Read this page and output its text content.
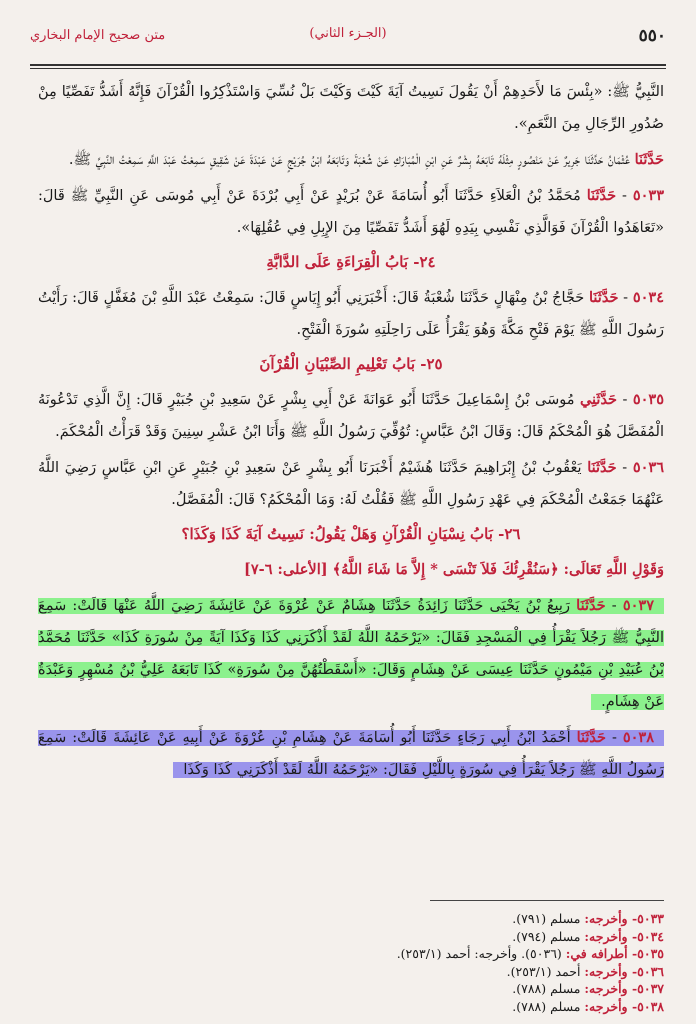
٥٥٠
(الجـزء الثاني)
متن صحيح الإمام البخاري
النَّبِيُّ ﷺ: «بِئْسَ مَا لأَحَدِهِمْ أَنْ يَقُولَ نَسِيتُ آيَةَ كَيْتَ وَكَيْتَ بَلْ نُسِّيَ وَاسْتَذْكِرُوا الْقُرْآنَ فَإِنَّهُ أَشَدُّ تَفَصِّيًا مِنْ صُدُورِ الرِّجَالِ مِنَ النَّعَمِ».
حَدَّثَنَا عُثْمَانُ حَدَّثَنَا جَرِيرٌ عَنْ مَنْصُورٍ مِثْلَهُ تَابَعَهُ بِشْرٌ عَنِ ابْنِ الْمُبَارَكِ عَنْ شُعْبَةَ وَتَابَعَهُ ابْنُ جُرَيْجٍ عَنْ عَبْدَةَ عَنْ شَقِيقٍ سَمِعْتُ عَبْدَ اللَّهِ سَمِعْتُ النَّبِيَّ ﷺ.
٥٠٣٣ - حَدَّثَنَا مُحَمَّدُ بْنُ الْعَلاَءِ حَدَّثَنَا أَبُو أُسَامَةَ عَنْ بُرَيْدٍ عَنْ أَبِي بُرْدَةَ عَنْ أَبِي مُوسَى عَنِ النَّبِيِّ ﷺ قَالَ: «تَعَاهَدُوا الْقُرْآنَ فَوَالَّذِي نَفْسِي بِيَدِهِ لَهُوَ أَشَدُّ تَفَصِّيًا مِنَ الإِبِلِ فِي عُقُلِهَا».
٢٤- بَابُ الْقِرَاءَةِ عَلَى الدَّابَّةِ
٥٠٣٤ - حَدَّثَنَا حَجَّاجُ بْنُ مِنْهَالٍ حَدَّثَنَا شُعْبَةُ قَالَ: أَخْبَرَنِي أَبُو إِيَاسٍ قَالَ: سَمِعْتُ عَبْدَ اللَّهِ بْنَ مُغَفَّلٍ قَالَ: رَأَيْتُ رَسُولَ اللَّهِ ﷺ يَوْمَ فَتْحِ مَكَّةَ وَهُوَ يَقْرَأُ عَلَى رَاحِلَتِهِ سُورَةَ الْفَتْحِ.
٢٥- بَابُ تَعْلِيمِ الصِّبْيَانِ الْقُرْآنَ
٥٠٣٥ - حَدَّثَنِي مُوسَى بْنُ إِسْمَاعِيلَ حَدَّثَنَا أَبُو عَوَانَةَ عَنْ أَبِي بِشْرٍ عَنْ سَعِيدِ بْنِ جُبَيْرٍ قَالَ: إِنَّ الَّذِي تَدْعُونَهُ الْمُفَصَّلَ هُوَ الْمُحْكَمُ قَالَ: وَقَالَ ابْنُ عَبَّاسٍ: تُوُفِّيَ رَسُولُ اللَّهِ ﷺ وَأَنَا ابْنُ عَشْرِ سِنِينَ وَقَدْ قَرَأْتُ الْمُحْكَمَ.
٥٠٣٦ - حَدَّثَنَا يَعْقُوبُ بْنُ إِبْرَاهِيمَ حَدَّثَنَا هُشَيْمٌ أَخْبَرَنَا أَبُو بِشْرٍ عَنْ سَعِيدِ بْنِ جُبَيْرٍ عَنِ ابْنِ عَبَّاسٍ رَضِيَ اللَّهُ عَنْهُمَا جَمَعْتُ الْمُحْكَمَ فِي عَهْدِ رَسُولِ اللَّهِ ﷺ فَقُلْتُ لَهُ: وَمَا الْمُحْكَمُ؟ قَالَ: الْمُفَصَّلُ.
٢٦- بَابُ نِسْيَانِ الْقُرْآنِ وَهَلْ يَقُولُ: نَسِيتُ آيَةَ كَذَا وَكَذَا؟
وَقَوْلِ اللَّهِ تَعَالَى: ﴿سَنُقْرِئُكَ فَلاَ تَنْسَى * إِلاَّ مَا شَاءَ اللَّهُ﴾ [الأعلى: ٦-٧]
٥٠٣٧ - حَدَّثَنَا رَبِيعُ بْنُ يَحْيَى حَدَّثَنَا زَائِدَةُ حَدَّثَنَا هِشَامٌ عَنْ عُرْوَةَ عَنْ عَائِشَةَ رَضِيَ اللَّهُ عَنْهَا قَالَتْ: سَمِعَ النَّبِيُّ ﷺ رَجُلاً يَقْرَأُ فِي الْمَسْجِدِ فَقَالَ: «يَرْحَمُهُ اللَّهُ لَقَدْ أَذْكَرَنِي كَذَا وَكَذَا آيَةً مِنْ سُورَةِ كَذَا» حَدَّثَنَا مُحَمَّدُ بْنُ عُبَيْدِ بْنِ مَيْمُونٍ حَدَّثَنَا عِيسَى عَنْ هِشَامٍ وَقَالَ: «أَسْقَطْتُهُنَّ مِنْ سُورَةِ» كَذَا تَابَعَهُ عَلِيُّ بْنُ مُسْهِرٍ وَعَبْدَةُ عَنْ هِشَامٍ.
٥٠٣٨ - حَدَّثَنَا أَحْمَدُ ابْنُ أَبِي رَجَاءٍ حَدَّثَنَا أَبُو أُسَامَةَ عَنْ هِشَامِ بْنِ عُرْوَةَ عَنْ أَبِيهِ عَنْ عَائِشَةَ قَالَتْ: سَمِعَ رَسُولُ اللَّهِ ﷺ رَجُلاً يَقْرَأُ فِي سُورَةٍ بِاللَّيْلِ فَقَالَ: «يَرْحَمُهُ اللَّهُ لَقَدْ أَذْكَرَنِي كَذَا وَكَذَا
٥٠٣٣- وأخرجه: مسلم (٧٩١).
٥٠٣٤- وأخرجه: مسلم (٧٩٤).
٥٠٣٥- أطرافه في: (٥٠٣٦). وأخرجه: أحمد (٢٥٣/١).
٥٠٣٦- وأخرجه: أحمد (٢٥٣/١).
٥٠٣٧- وأخرجه: مسلم (٧٨٨).
٥٠٣٨- وأخرجه: مسلم (٧٨٨).
